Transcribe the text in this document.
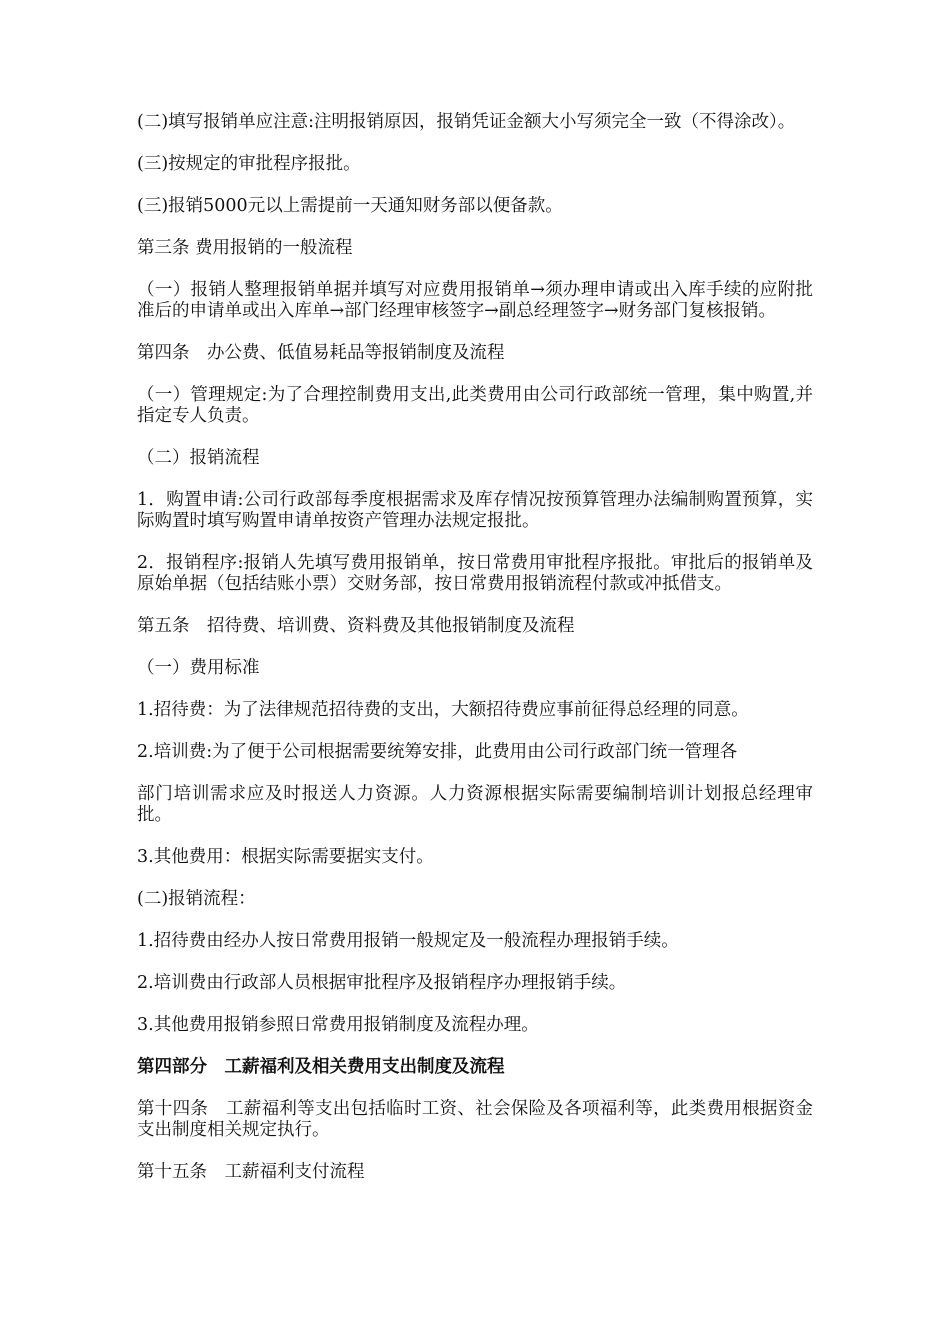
(二)填写报销单应注意:注明报销原因，报销凭证金额大小写须完全一致（不得涂改）。

(三)按规定的审批程序报批。

(三)报销5000元以上需提前一天通知财务部以便备款。

第三条 费用报销的一般流程

（一）报销人整理报销单据并填写对应费用报销单→须办理申请或出入库手续的应附批准后的申请单或出入库单→部门经理审核签字→副总经理签字→财务部门复核报销。

第四条　办公费、低值易耗品等报销制度及流程

（一）管理规定:为了合理控制费用支出,此类费用由公司行政部统一管理，集中购置,并指定专人负责。

（二）报销流程

1．购置申请:公司行政部每季度根据需求及库存情况按预算管理办法编制购置预算，实际购置时填写购置申请单按资产管理办法规定报批。

2．报销程序:报销人先填写费用报销单，按日常费用审批程序报批。审批后的报销单及原始单据（包括结账小票）交财务部，按日常费用报销流程付款或冲抵借支。

第五条　招待费、培训费、资料费及其他报销制度及流程

（一）费用标准

1.招待费：为了法律规范招待费的支出，大额招待费应事前征得总经理的同意。

2.培训费:为了便于公司根据需要统筹安排，此费用由公司行政部门统一管理各

部门培训需求应及时报送人力资源。人力资源根据实际需要编制培训计划报总经理审批。

3.其他费用：根据实际需要据实支付。

(二)报销流程：

1.招待费由经办人按日常费用报销一般规定及一般流程办理报销手续。

2.培训费由行政部人员根据审批程序及报销程序办理报销手续。

3.其他费用报销参照日常费用报销制度及流程办理。

第四部分　工薪福利及相关费用支出制度及流程

第十四条　工薪福利等支出包括临时工资、社会保险及各项福利等，此类费用根据资金支出制度相关规定执行。

第十五条　工薪福利支付流程
